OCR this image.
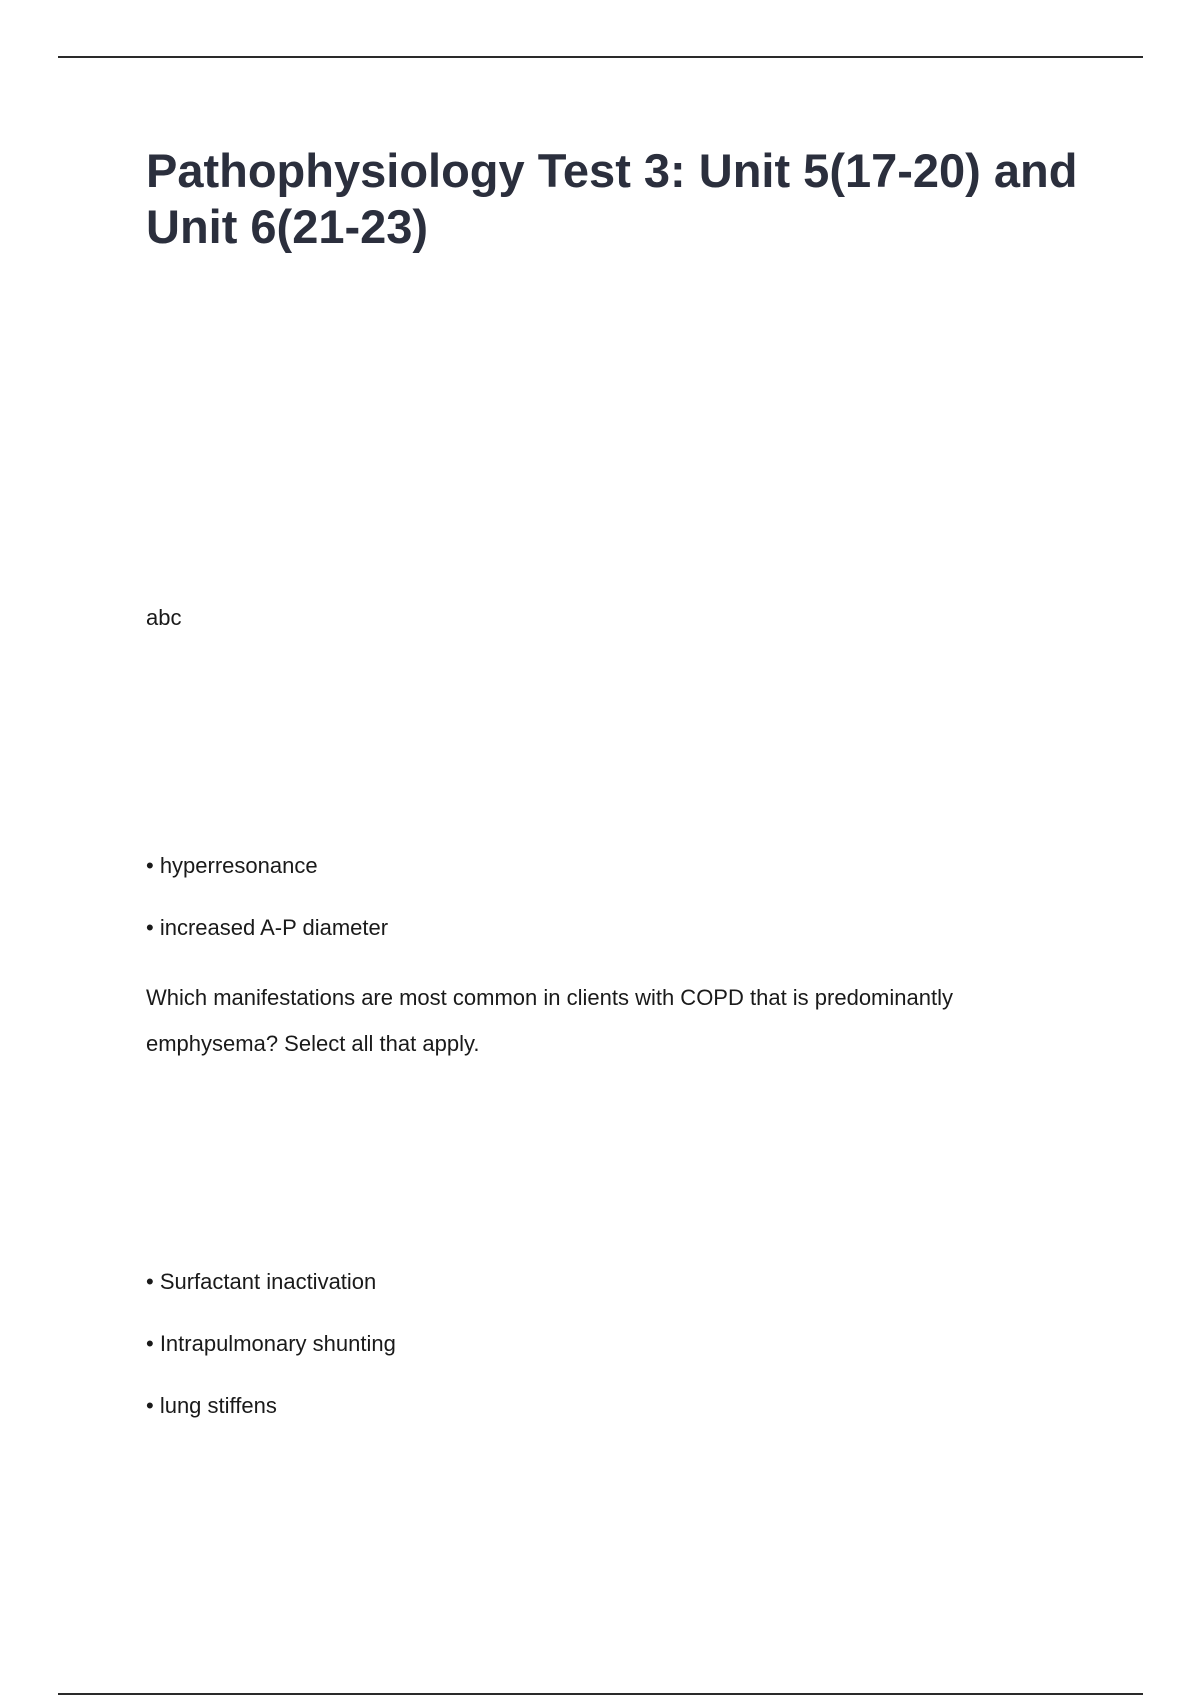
Pathophysiology Test 3: Unit 5(17-20) and Unit 6(21-23)

abc

• hyperresonance

• increased A-P diameter

Which manifestations are most common in clients with COPD that is predominantly emphysema? Select all that apply.

• Surfactant inactivation

• Intrapulmonary shunting

• lung stiffens
